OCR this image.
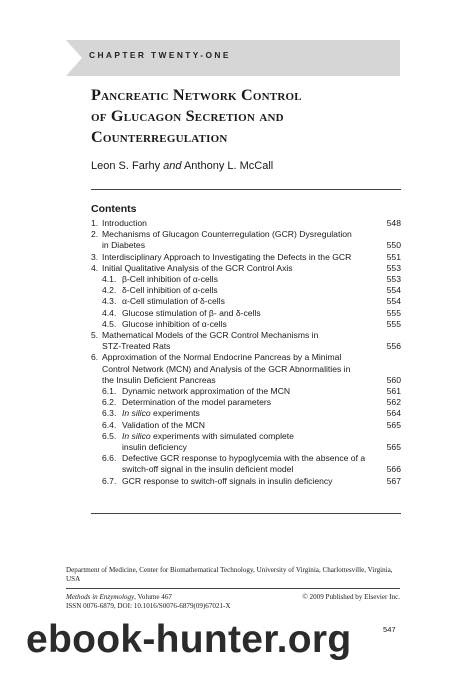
CHAPTER TWENTY-ONE
Pancreatic Network Control
of Glucagon Secretion and
Counterregulation
Leon S. Farhy and Anthony L. McCall
Contents
1. Introduction	548
2. Mechanisms of Glucagon Counterregulation (GCR) Dysregulation
in Diabetes	550
3. Interdisciplinary Approach to Investigating the Defects in the GCR	551
4. Initial Qualitative Analysis of the GCR Control Axis	553
4.1. β-Cell inhibition of α-cells	553
4.2. δ-Cell inhibition of α-cells	554
4.3. α-Cell stimulation of δ-cells	554
4.4. Glucose stimulation of β- and δ-cells	555
4.5. Glucose inhibition of α-cells	555
5. Mathematical Models of the GCR Control Mechanisms in
STZ-Treated Rats	556
6. Approximation of the Normal Endocrine Pancreas by a Minimal
Control Network (MCN) and Analysis of the GCR Abnormalities in
the Insulin Deficient Pancreas	560
6.1. Dynamic network approximation of the MCN	561
6.2. Determination of the model parameters	562
6.3. In silico experiments	564
6.4. Validation of the MCN	565
6.5. In silico experiments with simulated complete
insulin deficiency	565
6.6. Defective GCR response to hypoglycemia with the absence of a
switch-off signal in the insulin deficient model	566
6.7. GCR response to switch-off signals in insulin deficiency	567
Department of Medicine, Center for Biomathematical Technology, University of Virginia, Charlottesville, Virginia, USA
Methods in Enzymology, Volume 467	© 2009 Published by Elsevier Inc.
ISSN 0076-6879, DOI: 10.1016/S0076-6879(09)67021-X
547
ebook-hunter.org
